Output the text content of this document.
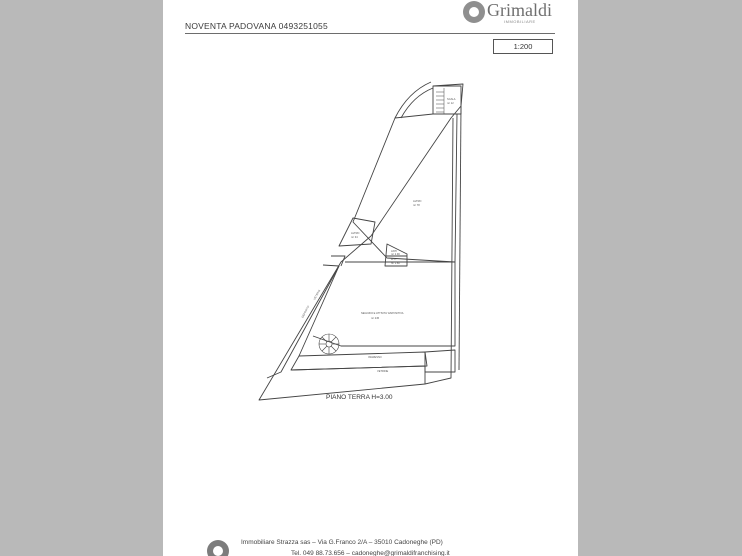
NOVENTA PADOVANA 0493251055
Grimaldi
IMMOBILIARE
1:200
ALTRO
m² 78
ALTRO
m² 34
ANTI
m² 2.90
W.C.
m² 3.80
NEGOZIO E ATTIVITA' ESPOSITIVA
m² 245
DEPOSITO
VETRINA
INGRESSO
VETRINE
SCALA
m² 12
PIANO TERRA H=3.00
Immobiliare Strazza sas – Via G.Franco 2/A – 35010 Cadoneghe (PD)
Tel. 049 88.73.656 – cadoneghe@grimaldifranchising.it
